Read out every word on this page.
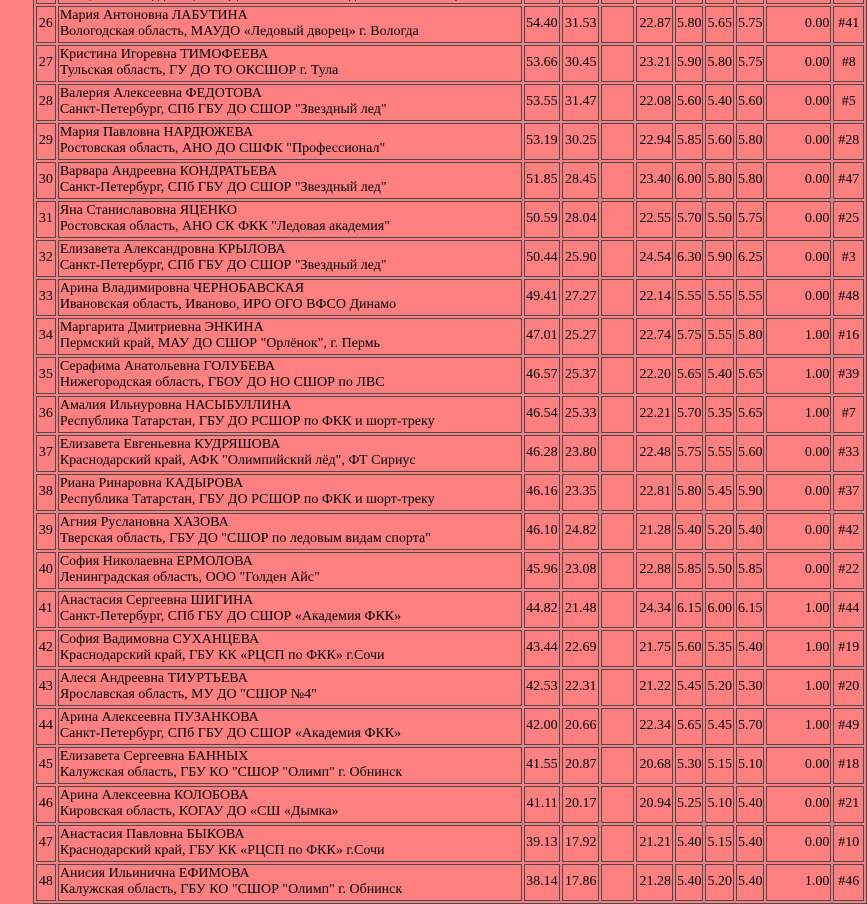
26	Мария Антоновна ЛАБУТИНА
Вологодская область, МАУДО «Ледовый дворец» г. Вологда	54.40	31.53		22.87	5.80	5.65	5.75	0.00	#41
27	Кристина Игоревна ТИМОФЕЕВА
Тульская область, ГУ ДО ТО ОКСШОР г. Тула	53.66	30.45		23.21	5.90	5.80	5.75	0.00	#8
28	Валерия Алексеевна ФЕДОТОВА
Санкт-Петербург, СПб ГБУ ДО СШОР "Звездный лед"	53.55	31.47		22.08	5.60	5.40	5.60	0.00	#5
29	Мария Павловна НАРДЮЖЕВА
Ростовская область, АНО ДО СШФК "Профессионал"	53.19	30.25		22.94	5.85	5.60	5.80	0.00	#28
30	Варвара Андреевна КОНДРАТЬЕВА
Санкт-Петербург, СПб ГБУ ДО СШОР "Звездный лед"	51.85	28.45		23.40	6.00	5.80	5.80	0.00	#47
31	Яна Станиславовна ЯЦЕНКО
Ростовская область, АНО СК ФКК "Ледовая академия"	50.59	28.04		22.55	5.70	5.50	5.75	0.00	#25
32	Елизавета Александровна КРЫЛОВА
Санкт-Петербург, СПб ГБУ ДО СШОР "Звездный лед"	50.44	25.90		24.54	6.30	5.90	6.25	0.00	#3
33	Арина Владимировна ЧЕРНОБАВСКАЯ
Ивановская область, Иваново, ИРО ОГО ВФСО Динамо	49.41	27.27		22.14	5.55	5.55	5.55	0.00	#48
34	Маргарита Дмитриевна ЭНКИНА
Пермский край, МАУ ДО СШОР "Орлёнок", г. Пермь	47.01	25.27		22.74	5.75	5.55	5.80	1.00	#16
35	Серафима Анатольевна ГОЛУБЕВА
Нижегородская область, ГБОУ ДО НО СШОР по ЛВС	46.57	25.37		22.20	5.65	5.40	5.65	1.00	#39
36	Амалия Ильнуровна НАСЫБУЛЛИНА
Республика Татарстан, ГБУ ДО РСШОР по ФКК и шорт-треку	46.54	25.33		22.21	5.70	5.35	5.65	1.00	#7
37	Елизавета Евгеньевна КУДРЯШОВА
Краснодарский край, АФК "Олимпийский лёд", ФТ Сириус	46.28	23.80		22.48	5.75	5.55	5.60	0.00	#33
38	Риана Ринаровна КАДЫРОВА
Республика Татарстан, ГБУ ДО РСШОР по ФКК и шорт-треку	46.16	23.35		22.81	5.80	5.45	5.90	0.00	#37
39	Агния Руслановна ХАЗОВА
Тверская область, ГБУ ДО "СШОР по ледовым видам спорта"	46.10	24.82		21.28	5.40	5.20	5.40	0.00	#42
40	София Николаевна ЕРМОЛОВА
Ленинградская область, ООО "Голден Айс"	45.96	23.08		22.88	5.85	5.50	5.85	0.00	#22
41	Анастасия Сергеевна ШИГИНА
Санкт-Петербург, СПб ГБУ ДО СШОР «Академия ФКК»	44.82	21.48		24.34	6.15	6.00	6.15	1.00	#44
42	София Вадимовна СУХАНЦЕВА
Краснодарский край, ГБУ КК «РЦСП по ФКК» г.Сочи	43.44	22.69		21.75	5.60	5.35	5.40	1.00	#19
43	Алеся Андреевна ТИУРТЬЕВА
Ярославская область, МУ ДО "СШОР №4"	42.53	22.31		21.22	5.45	5.20	5.30	1.00	#20
44	Арина Алексеевна ПУЗАНКОВА
Санкт-Петербург, СПб ГБУ ДО СШОР «Академия ФКК»	42.00	20.66		22.34	5.65	5.45	5.70	1.00	#49
45	Елизавета Сергеевна БАННЫХ
Калужская область, ГБУ КО "СШОР "Олимп" г. Обнинск	41.55	20.87		20.68	5.30	5.15	5.10	0.00	#18
46	Арина Алексеевна КОЛОБОВА
Кировская область, КОГАУ ДО «СШ «Дымка»	41.11	20.17		20.94	5.25	5.10	5.40	0.00	#21
47	Анастасия Павловна БЫКОВА
Краснодарский край, ГБУ КК «РЦСП по ФКК» г.Сочи	39.13	17.92		21.21	5.40	5.15	5.40	0.00	#10
48	Анисия Ильинична ЕФИМОВА
Калужская область, ГБУ КО "СШОР "Олимп" г. Обнинск	38.14	17.86		21.28	5.40	5.20	5.40	1.00	#46
